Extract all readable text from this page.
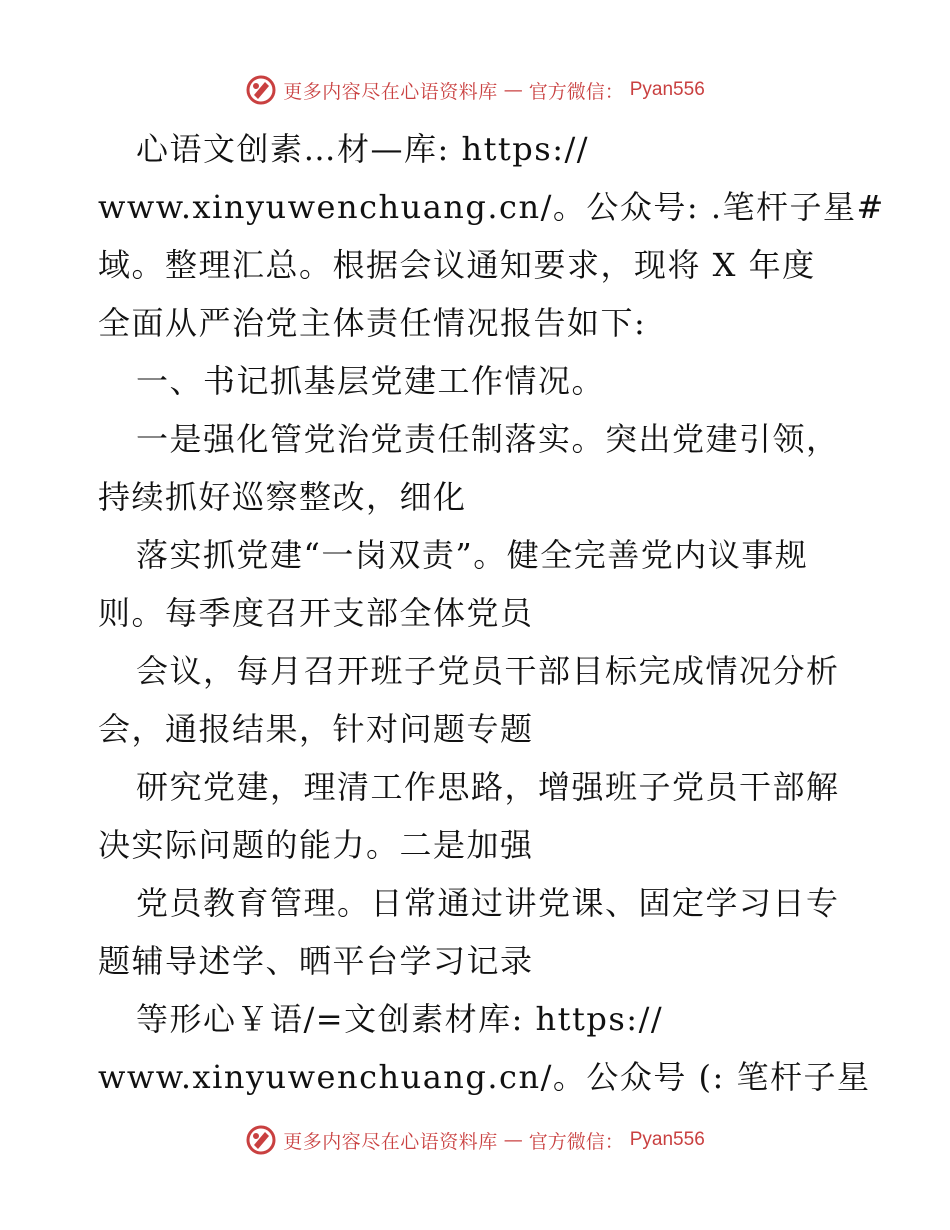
更多内容尽在心语资料库 — 官方微信： Pyan556
心语文创素…材—库: https://
www.xinyuwenchuang.cn/。公众号: .笔杆子星#
域。整理汇总。根据会议通知要求，现将 X 年度
全面从严治党主体责任情况报告如下:
一、书记抓基层党建工作情况。
一是强化管党治党责任制落实。突出党建引领，
持续抓好巡察整改，细化
落实抓党建“一岗双责”。健全完善党内议事规
则。每季度召开支部全体党员
会议，每月召开班子党员干部目标完成情况分析
会，通报结果，针对问题专题
研究党建，理清工作思路，增强班子党员干部解
决实际问题的能力。二是加强
党员教育管理。日常通过讲党课、固定学习日专
题辅导述学、晒平台学习记录
等形心￥语/=文创素材库: https://
www.xinyuwenchuang.cn/。公众号 (: 笔杆子星
更多内容尽在心语资料库 — 官方微信： Pyan556
